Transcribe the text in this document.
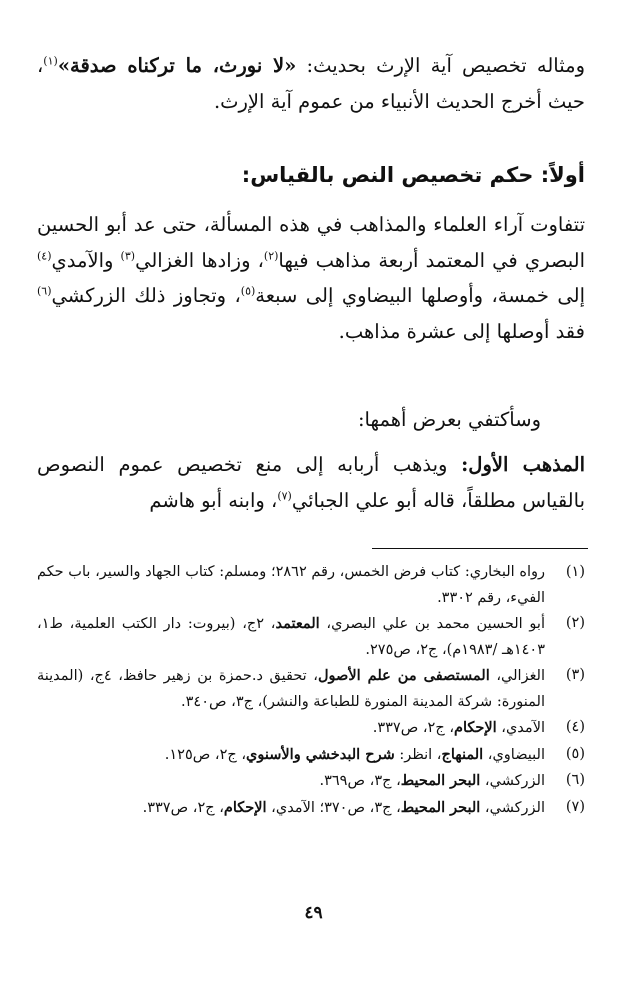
ومثاله تخصيص آية الإرث بحديث: «لا نورث، ما تركناه صدقة»$^{(١)}$، حيث أخرج الحديث الأنبياء من عموم آية الإرث.

أولاً: حكم تخصيص النص بالقياس:

تتفاوت آراء العلماء والمذاهب في هذه المسألة، حتى عد أبو الحسين البصري في المعتمد أربعة مذاهب فيها$^{(٢)}$، وزادها الغزالي$^{(٣)}$ والآمدي$^{(٤)}$ إلى خمسة، وأوصلها البيضاوي إلى سبعة$^{(٥)}$، وتجاوز ذلك الزركشي$^{(٦)}$ فقد أوصلها إلى عشرة مذاهب.

وسأكتفي بعرض أهمها:

المذهب الأول: ويذهب أربابه إلى منع تخصيص عموم النصوص بالقياس مطلقاً، قاله أبو علي الجبائي$^{(٧)}$، وابنه أبو هاشم

(١)
رواه البخاري: كتاب فرض الخمس، رقم ٢٨٦٢؛ ومسلم: كتاب الجهاد والسير، باب حكم الفيء، رقم ٣٣٠٢.
(٢)
أبو الحسين محمد بن علي البصري، المعتمد، ٢ج، (بيروت: دار الكتب العلمية، ط١، ١٤٠٣هـ /١٩٨٣م)، ج٢، ص٢٧٥.
(٣)
الغزالي، المستصفى من علم الأصول، تحقيق د.حمزة بن زهير حافظ، ٤ج، (المدينة المنورة: شركة المدينة المنورة للطباعة والنشر)، ج٣، ص٣٤٠.
(٤)
الآمدي، الإحكام، ج٢، ص٣٣٧.
(٥)
البيضاوي، المنهاج، انظر: شرح البدخشي والأسنوي، ج٢، ص١٢٥.
(٦)
الزركشي، البحر المحيط، ج٣، ص٣٦٩.
(٧)
الزركشي، البحر المحيط، ج٣، ص٣٧٠؛ الآمدي، الإحكام، ج٢، ص٣٣٧.
٤٩
